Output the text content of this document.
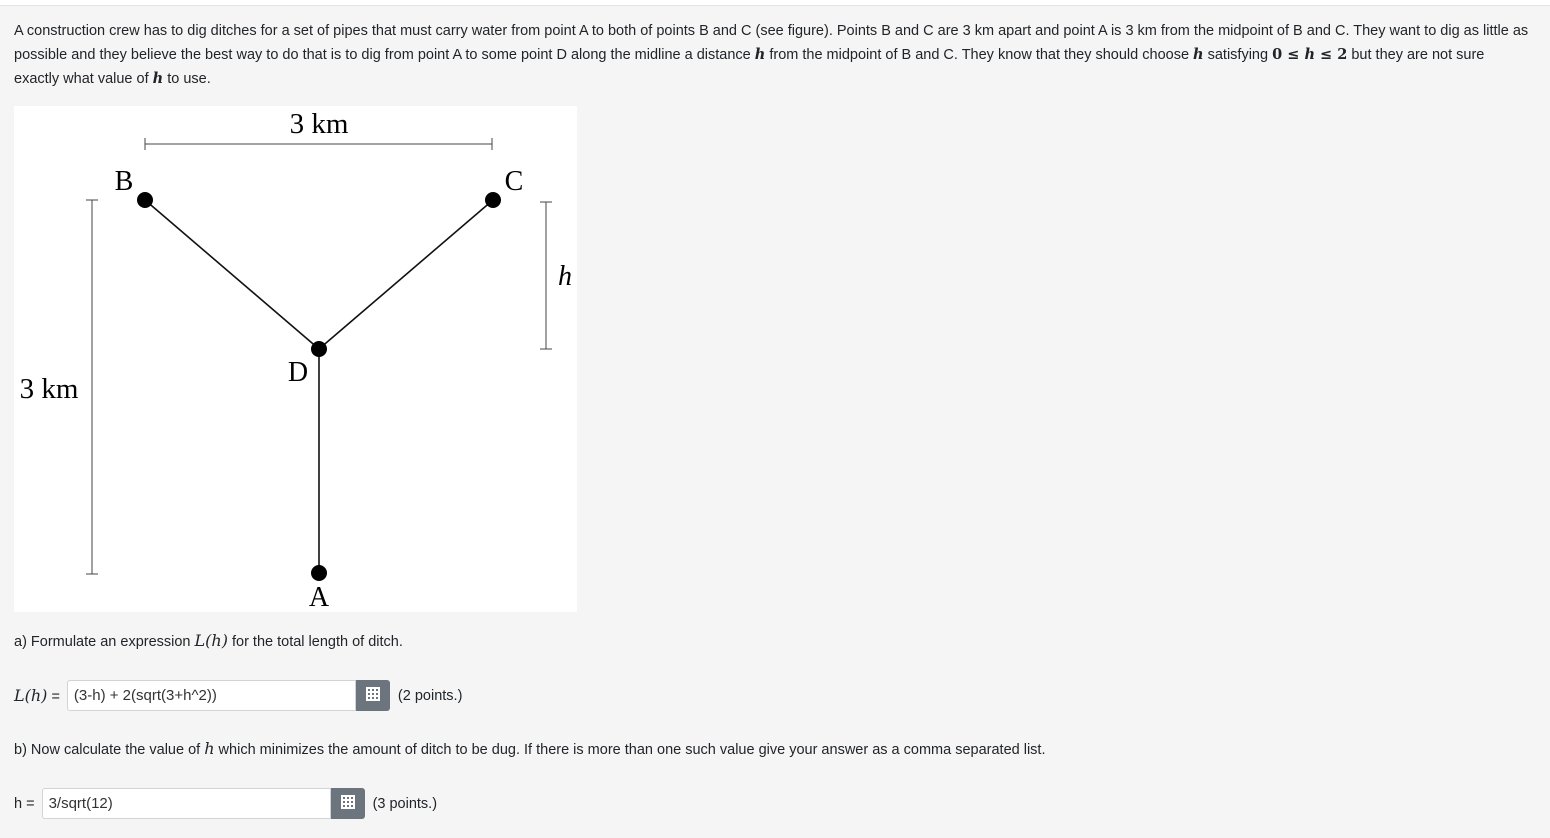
A construction crew has to dig ditches for a set of pipes that must carry water from point A to both of points B and C (see figure). Points B and C are 3 km apart and point A is 3 km from the midpoint of B and C. They want to dig as little as possible and they believe the best way to do that is to dig from point A to some point D along the midline a distance h from the midpoint of B and C. They know that they should choose h satisfying 0 ≤ h ≤ 2 but they are not sure exactly what value of h to use.
3 km
3 km
h
B	C
D
A
a) Formulate an expression L(h) for the total length of ditch.
L(h) = (3-h) + 2(sqrt(3+h^2))	(2 points.)
b) Now calculate the value of h which minimizes the amount of ditch to be dug. If there is more than one such value give your answer as a comma separated list.
h = 3/sqrt(12)	(3 points.)
